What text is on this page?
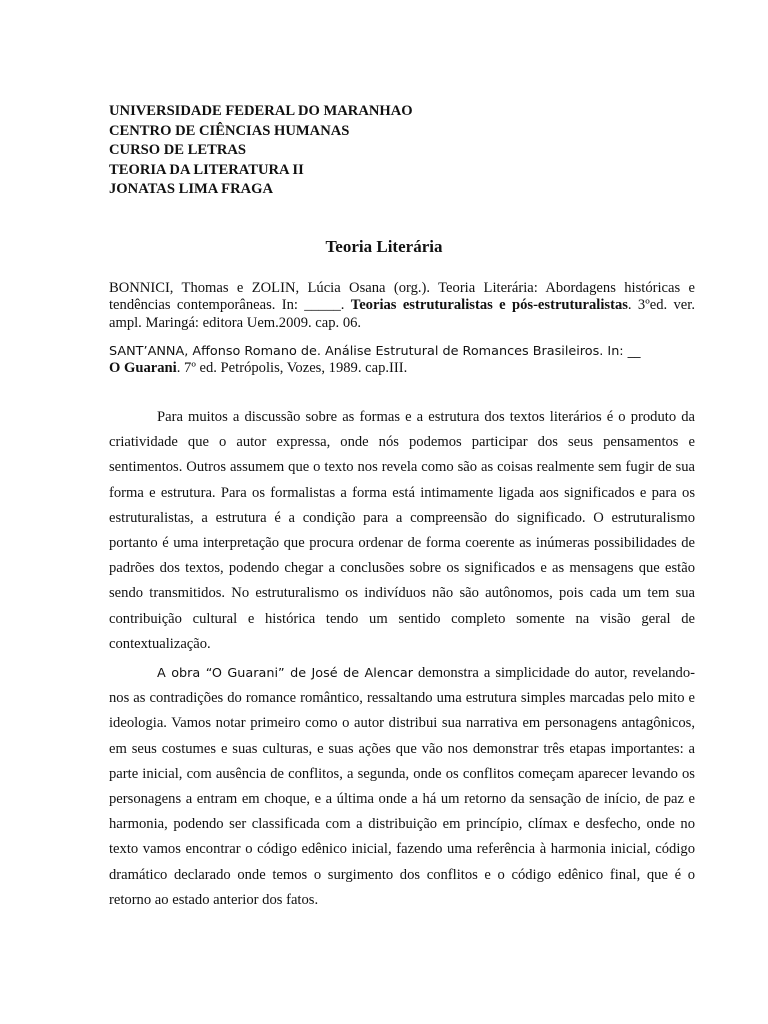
UNIVERSIDADE FEDERAL DO MARANHAO
CENTRO DE CIÊNCIAS HUMANAS
CURSO DE LETRAS
TEORIA DA LITERATURA II
JONATAS LIMA FRAGA
Teoria Literária
BONNICI, Thomas e ZOLIN, Lúcia Osana (org.). Teoria Literária: Abordagens históricas e tendências contemporâneas. In: _____. Teorias estruturalistas e pós-estruturalistas. 3ºed. ver. ampl. Maringá: editora Uem.2009. cap. 06.
SANT’ANNA, Affonso Romano de. Análise Estrutural de Romances Brasileiros. In: __
O Guarani. 7º ed. Petrópolis, Vozes, 1989. cap.III.
Para muitos a discussão sobre as formas e a estrutura dos textos literários é o produto da criatividade que o autor expressa, onde nós podemos participar dos seus pensamentos e sentimentos. Outros assumem que o texto nos revela como são as coisas realmente sem fugir de sua forma e estrutura. Para os formalistas a forma está intimamente ligada aos significados e para os estruturalistas, a estrutura é a condição para a compreensão do significado. O estruturalismo portanto é uma interpretação que procura ordenar de forma coerente as inúmeras possibilidades de padrões dos textos, podendo chegar a conclusões sobre os significados e as mensagens que estão sendo transmitidos. No estruturalismo os indivíduos não são autônomos, pois cada um tem sua contribuição cultural e histórica tendo um sentido completo somente na visão geral de contextualização.
A obra “O Guarani” de José de Alencar demonstra a simplicidade do autor, revelando-nos as contradições do romance romântico, ressaltando uma estrutura simples marcadas pelo mito e ideologia. Vamos notar primeiro como o autor distribui sua narrativa em personagens antagônicos, em seus costumes e suas culturas, e suas ações que vão nos demonstrar três etapas importantes: a parte inicial, com ausência de conflitos, a segunda, onde os conflitos começam aparecer levando os personagens a entram em choque, e a última onde a há um retorno da sensação de início, de paz e harmonia, podendo ser classificada com a distribuição em princípio, clímax e desfecho, onde no texto vamos encontrar o código edênico inicial, fazendo uma referência à harmonia inicial, código dramático declarado onde temos o surgimento dos conflitos e o código edênico final, que é o retorno ao estado anterior dos fatos.
